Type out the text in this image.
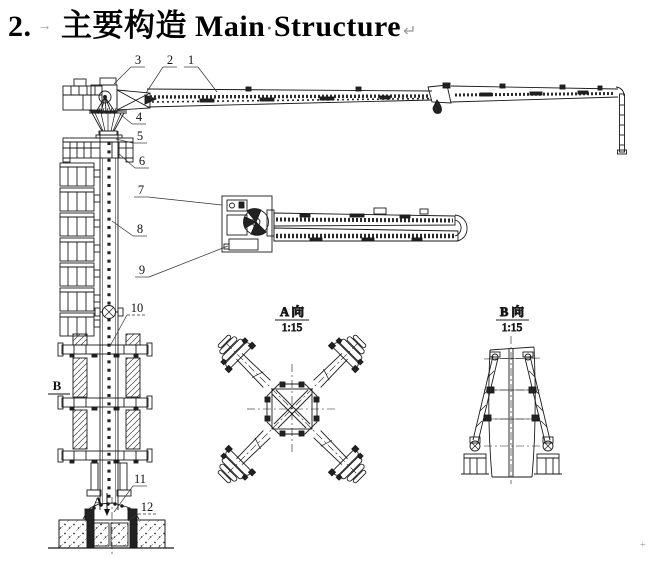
2. → 主要构造 Main·Structure ↵
A 向
1:15
B 向
1:15
1
2
3
4
5
6
7
8
9
10
11
12
B
A
+
